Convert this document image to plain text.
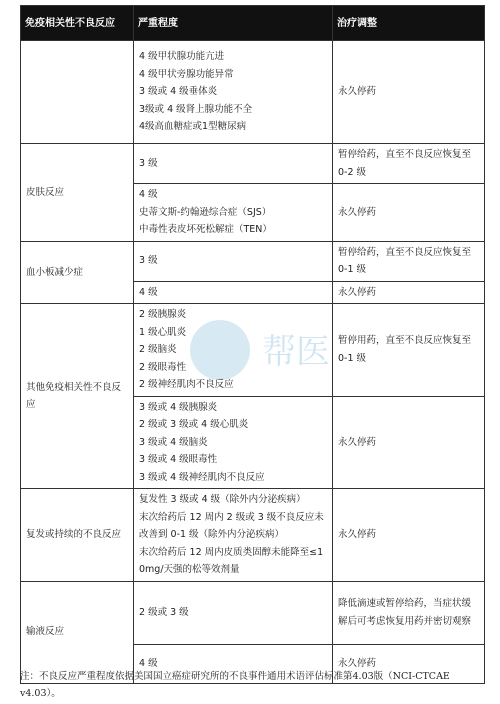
帮医
免疫相关性不良反应	严重程度	治疗调整

	4 级甲状腺功能亢进
4 级甲状旁腺功能异常
3 级或 4 级垂体炎
3级或 4 级肾上腺功能不全
4级高血糖症或1型糖尿病	永久停药
皮肤反应	3 级	暂停给药，直至不良反应恢复至 0-2 级

	4 级
史蒂文斯-约翰逊综合症（SJS）
中毒性表皮坏死松解症（TEN）	永久停药
血小板减少症	3 级	暂停给药，直至不良反应恢复至 0-1 级

	4 级	永久停药
其他免疫相关性不良反应	2 级胰腺炎
1 级心肌炎
2 级脑炎
2 级眼毒性
2 级神经肌肉不良反应	暂停用药，直至不良反应恢复至 0-1 级

	3 级或 4 级胰腺炎
2 级或 3 级或 4 级心肌炎
3 级或 4 级脑炎
3 级或 4 级眼毒性
3 级或 4 级神经肌肉不良反应	永久停药
复发或持续的不良反应	复发性 3 级或 4 级（除外内分泌疾病）
末次给药后 12 周内 2 级或 3 级不良反应未改善到 0-1 级（除外内分泌疾病）
末次给药后 12 周内皮质类固醇未能降至≤10mg/天强的松等效剂量	永久停药
输液反应	2 级或 3 级	降低滴速或暂停给药，当症状缓解后可考虑恢复用药并密切观察

	4 级	永久停药
注：不良反应严重程度依据美国国立癌症研究所的不良事件通用术语评估标准第4.03版（NCI-CTCAE v4.03）。
